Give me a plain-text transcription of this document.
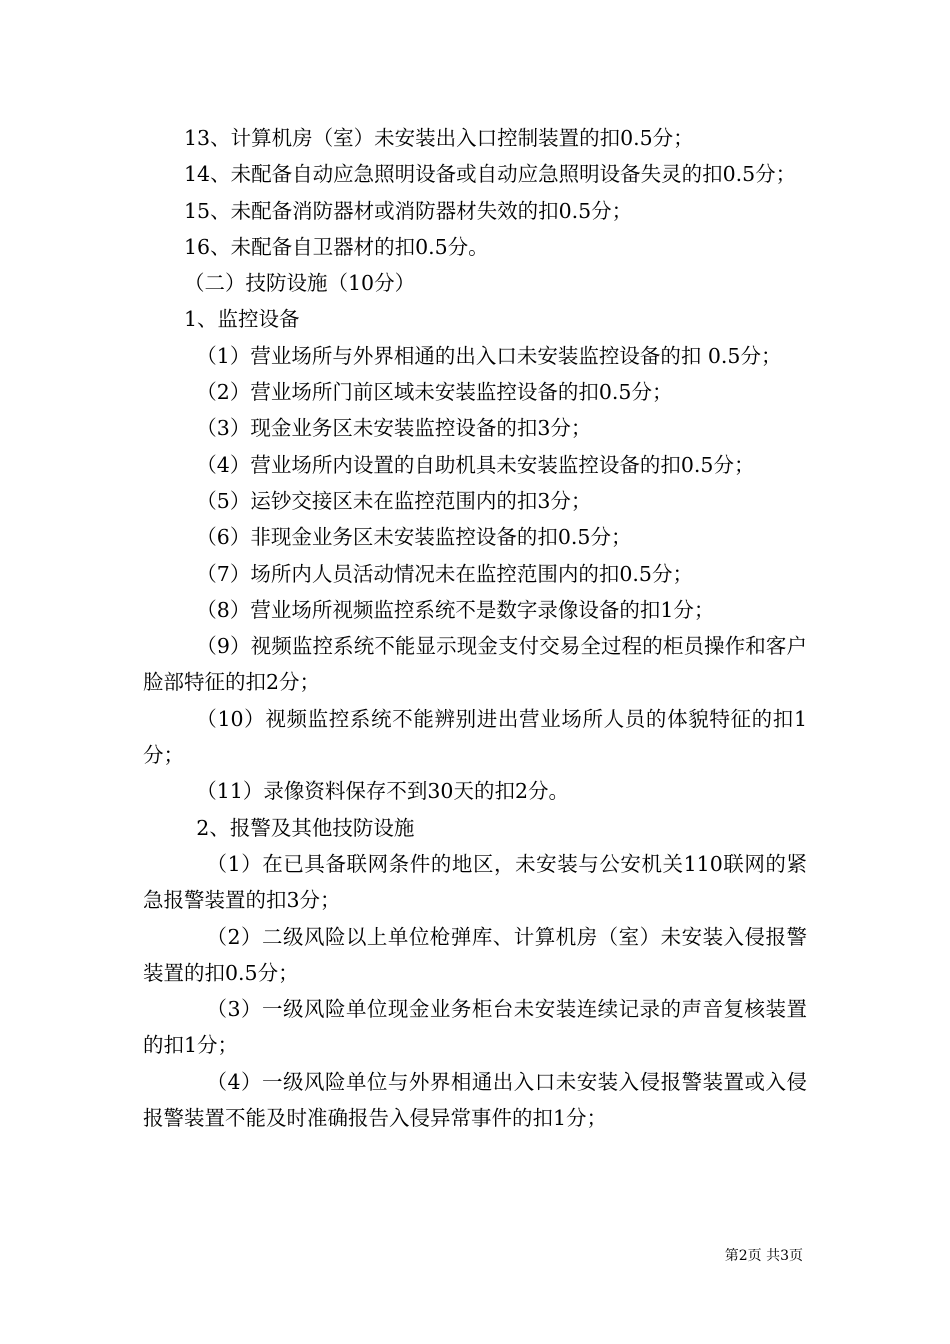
13、计算机房（室）未安装出入口控制装置的扣0.5分；

14、未配备自动应急照明设备或自动应急照明设备失灵的扣0.5分；

15、未配备消防器材或消防器材失效的扣0.5分；

16、未配备自卫器材的扣0.5分。

（二）技防设施（10分）

1、监控设备

（1）营业场所与外界相通的出入口未安装监控设备的扣 0.5分；

（2）营业场所门前区域未安装监控设备的扣0.5分；

（3）现金业务区未安装监控设备的扣3分；

（4）营业场所内设置的自助机具未安装监控设备的扣0.5分；

（5）运钞交接区未在监控范围内的扣3分；

（6）非现金业务区未安装监控设备的扣0.5分；

（7）场所内人员活动情况未在监控范围内的扣0.5分；

（8）营业场所视频监控系统不是数字录像设备的扣1分；

（9）视频监控系统不能显示现金支付交易全过程的柜员操作和客户脸部特征的扣2分；

（10）视频监控系统不能辨别进出营业场所人员的体貌特征的扣1分；

（11）录像资料保存不到30天的扣2分。

2、报警及其他技防设施

（1）在已具备联网条件的地区，未安装与公安机关110联网的紧急报警装置的扣3分；

（2）二级风险以上单位枪弹库、计算机房（室）未安装入侵报警装置的扣0.5分；

（3）一级风险单位现金业务柜台未安装连续记录的声音复核装置的扣1分；

（4）一级风险单位与外界相通出入口未安装入侵报警装置或入侵报警装置不能及时准确报告入侵异常事件的扣1分；

第2页 共3页
